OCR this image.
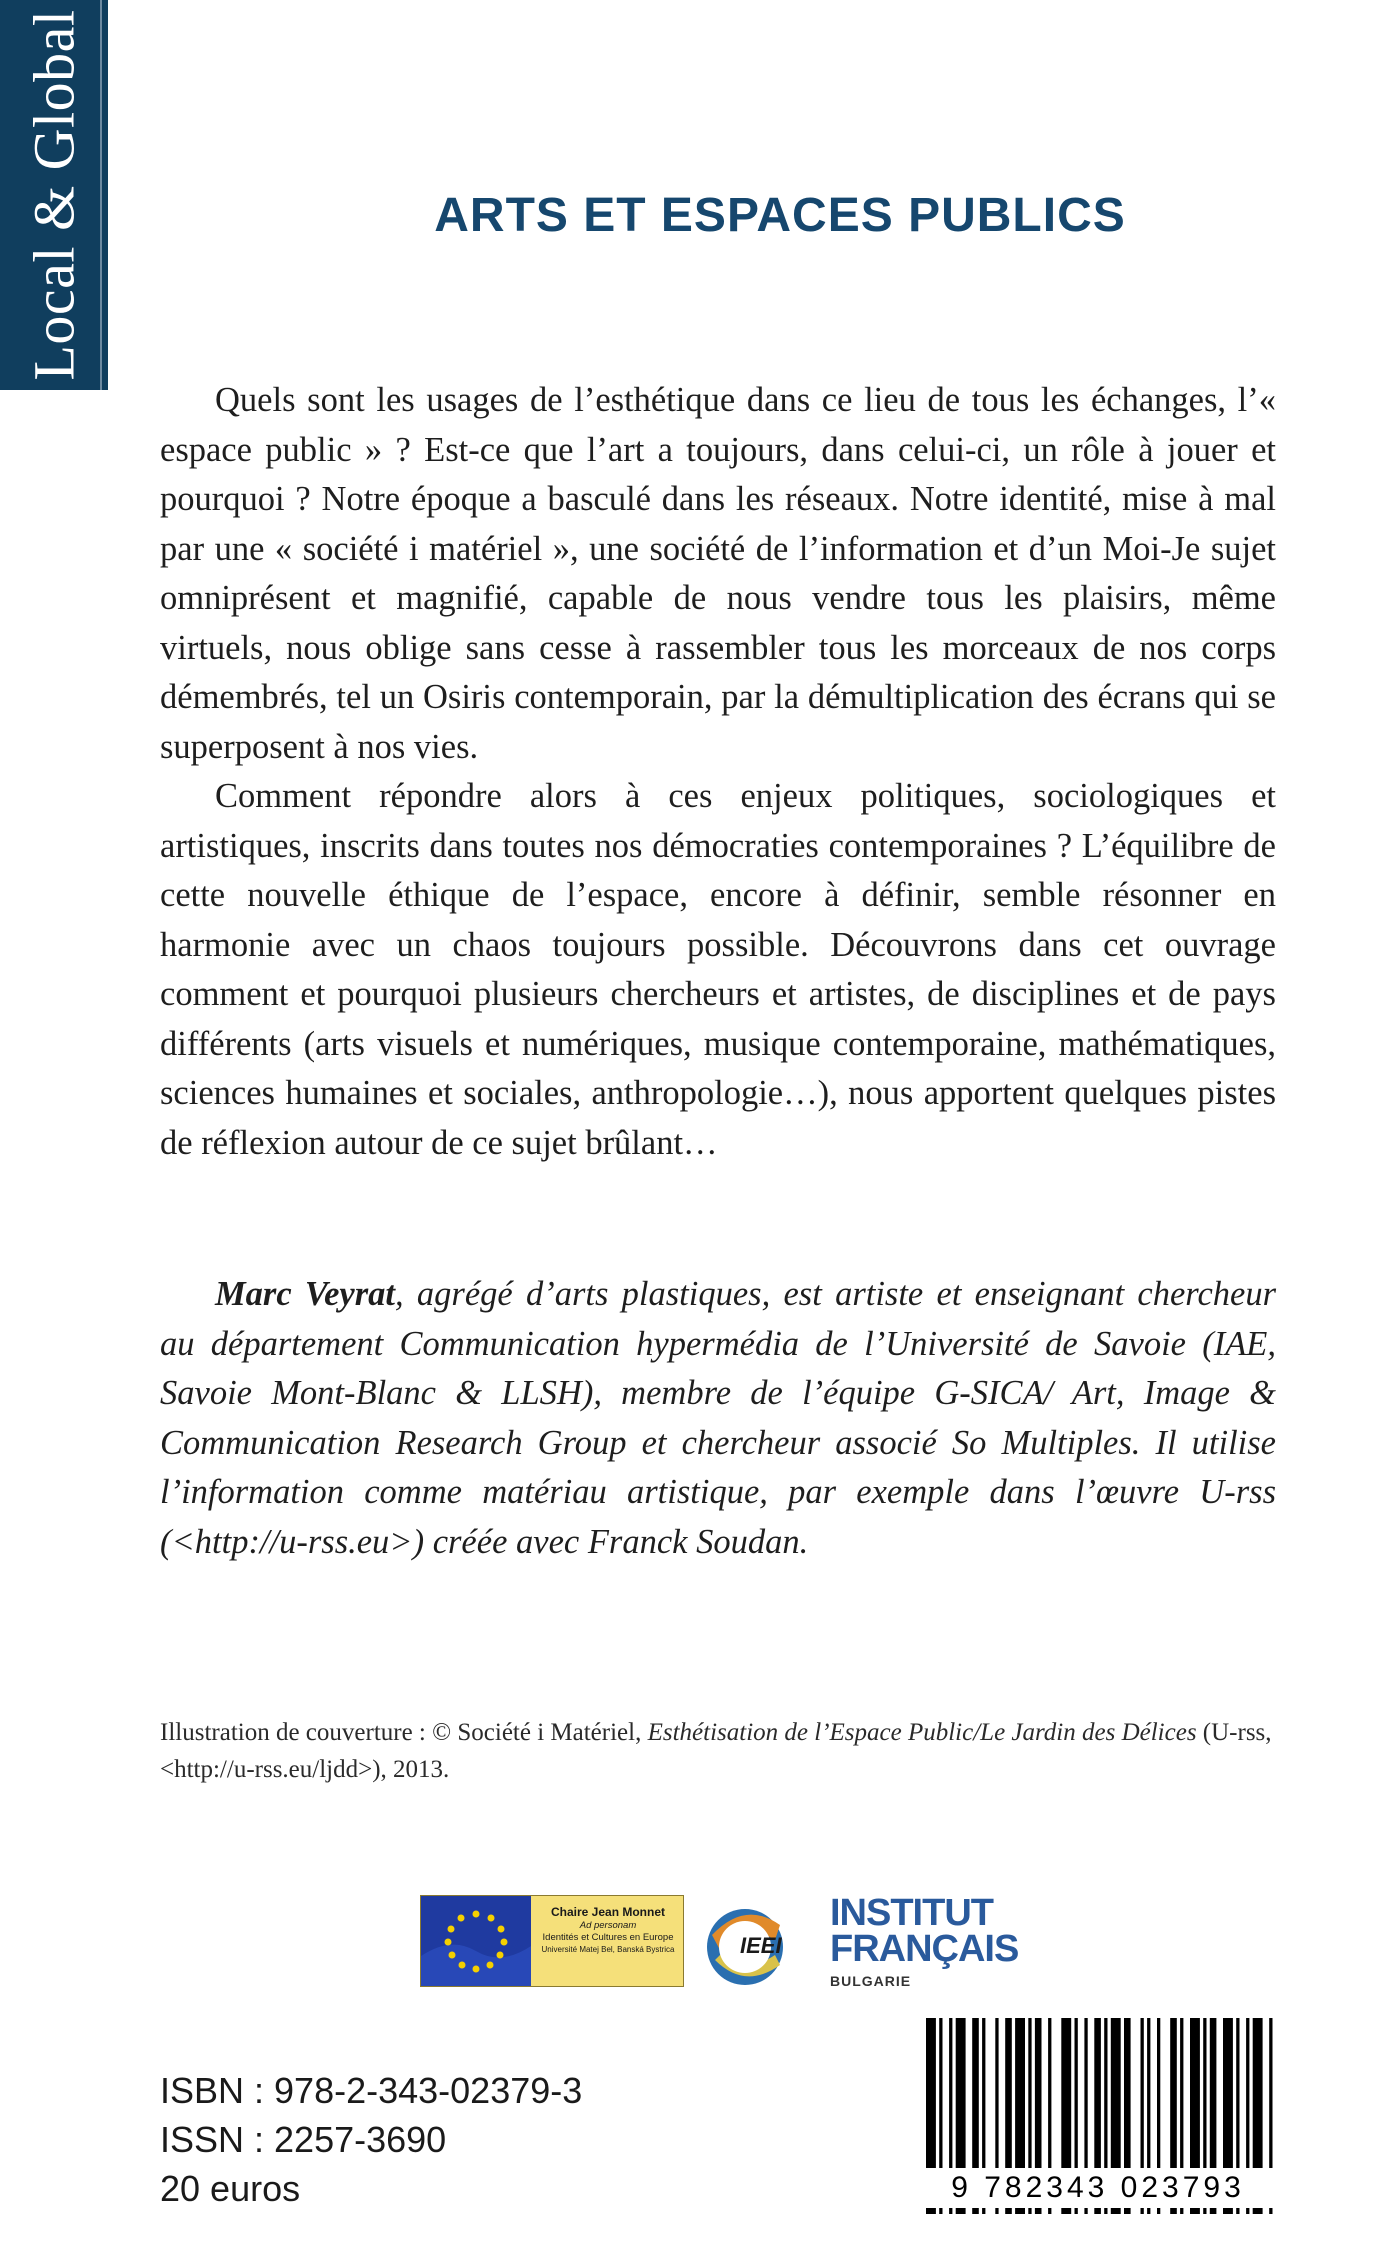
Local & Global	ARTS ET ESPACES PUBLICS

Quels sont les usages de l’esthétique dans ce lieu de tous les échanges, l’« espace public » ? Est-ce que l’art a toujours, dans celui-ci, un rôle à jouer et pourquoi ? Notre époque a basculé dans les réseaux. Notre identité, mise à mal par une « société i matériel », une société de l’information et d’un Moi-Je sujet omniprésent et magnifié, capable de nous vendre tous les plaisirs, même virtuels, nous oblige sans cesse à rassembler tous les morceaux de nos corps démembrés, tel un Osiris contemporain, par la démultiplication des écrans qui se superposent à nos vies.

Comment répondre alors à ces enjeux politiques, sociologiques et artistiques, inscrits dans toutes nos démocraties contemporaines ? L’équilibre de cette nouvelle éthique de l’espace, encore à définir, semble résonner en harmonie avec un chaos toujours possible. Découvrons dans cet ouvrage comment et pourquoi plusieurs chercheurs et artistes, de disciplines et de pays différents (arts visuels et numériques, musique contemporaine, mathématiques, sciences humaines et sociales, anthropologie…), nous apportent quelques pistes de réflexion autour de ce sujet brûlant…

Marc Veyrat, agrégé d’arts plastiques, est artiste et enseignant chercheur au département Communication hypermédia de l’Université de Savoie (IAE, Savoie Mont-Blanc & LLSH), membre de l’équipe G-SICA/ Art, Image & Communication Research Group et chercheur associé So Multiples. Il utilise l’information comme matériau artistique, par exemple dans l’œuvre U-rss (<http://u-rss.eu>) créée avec Franck Soudan.

Illustration de couverture : © Société i Matériel, Esthétisation de l’Espace Public/Le Jardin des Délices (U-rss, <http://u-rss.eu/ljdd>), 2013.

Chaire Jean Monnet
Ad personam
Identités et Cultures en Europe
Université Matej Bel, Banská Bystrica	IEEI
INSTITUT
FRANÇAIS
BULGARIE
ISBN : 978-2-343-02379-3
ISSN : 2257-3690
20 euros	9 782343 023793
